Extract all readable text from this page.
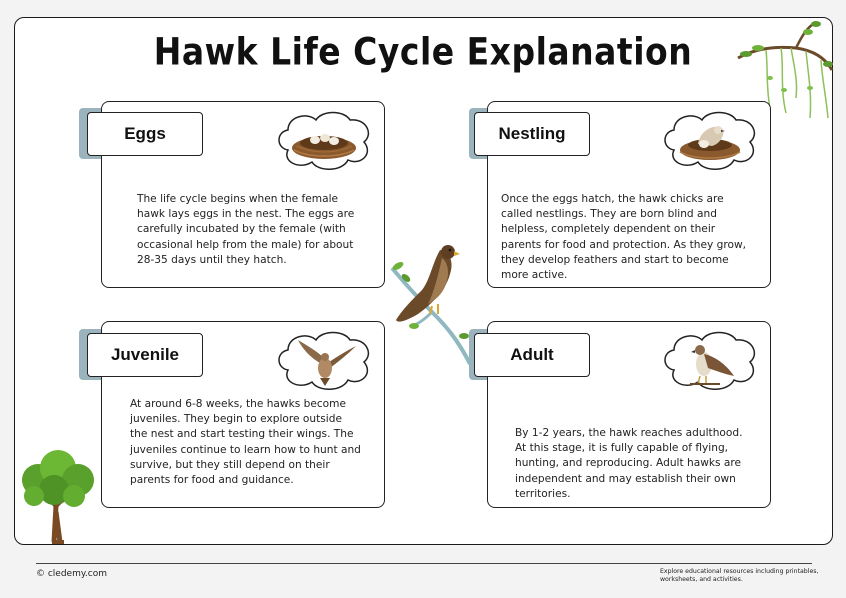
Hawk Life Cycle Explanation
Eggs
The life cycle begins when the female hawk lays eggs in the nest. The eggs are carefully incubated by the female (with occasional help from the male) for about 28-35 days until they hatch.
Nestling
Once the eggs hatch, the hawk chicks are called nestlings. They are born blind and helpless, completely dependent on their parents for food and protection. As they grow, they develop feathers and start to become more active.
Juvenile
At around 6-8 weeks, the hawks become juveniles. They begin to explore outside the nest and start testing their wings. The juveniles continue to learn how to hunt and survive, but they still depend on their parents for food and guidance.
Adult
By 1-2 years, the hawk reaches adulthood. At this stage, it is fully capable of flying, hunting, and reproducing. Adult hawks are independent and may establish their own territories.
© cledemy.com	Explore educational resources including printables, worksheets, and activities.
